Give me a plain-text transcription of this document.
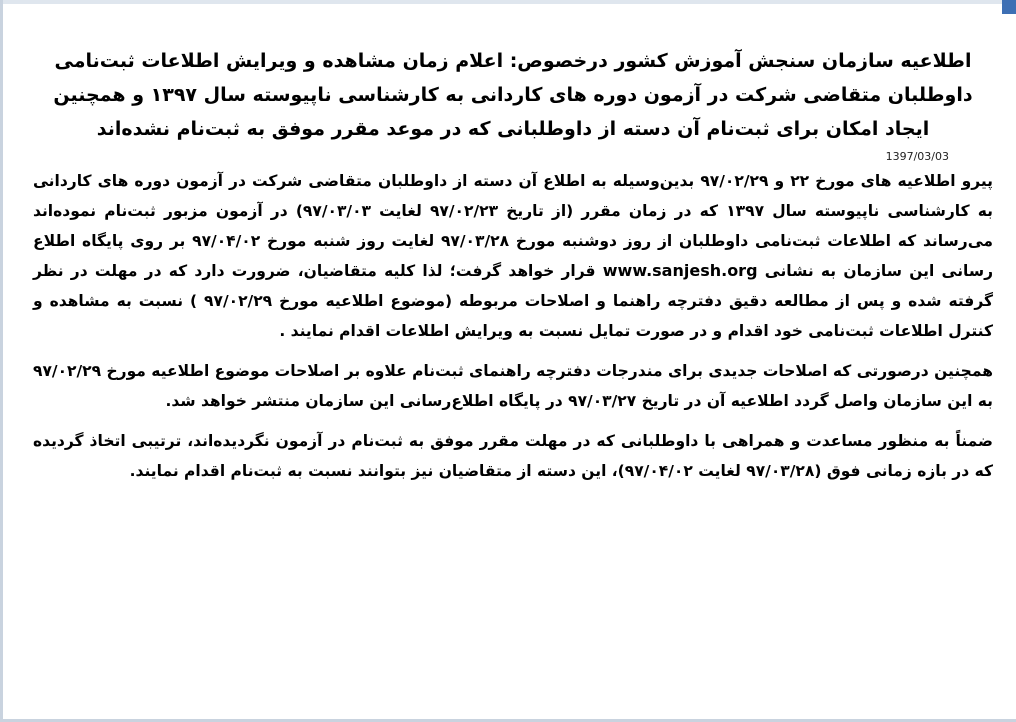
اطلاعیه سازمان سنجش آموزش کشور درخصوص: اعلام زمان مشاهده و ویرایش اطلاعات ثبت‌نامی داوطلبان متقاضی شرکت در آزمون دوره های کاردانی به کارشناسی ناپیوسته سال ۱۳۹۷ و همچنین ایجاد امکان برای ثبت‌نام آن دسته از داوطلبانی که در موعد مقرر موفق به ثبت‌نام نشده‌اند

1397/03/03

پیرو اطلاعیه های مورخ ۲۲ و ۹۷/۰۲/۲۹ بدین‌وسیله به اطلاع آن دسته از داوطلبان متقاضی شرکت در آزمون دوره های کاردانی به کارشناسی ناپیوسته سال ۱۳۹۷ که در زمان مقرر (از تاریخ ۹۷/۰۲/۲۳ لغایت ۹۷/۰۳/۰۳) در آزمون مزبور ثبت‌نام نموده‌اند می‌رساند که اطلاعات ثبت‌نامی داوطلبان از روز دوشنبه مورخ ۹۷/۰۳/۲۸ لغایت روز شنبه مورخ ۹۷/۰۴/۰۲ بر روی پایگاه اطلاع رسانی این سازمان به نشانی www.sanjesh.org قرار خواهد گرفت؛ لذا کلیه متقاضیان، ضرورت دارد که در مهلت در نظر گرفته شده و پس از مطالعه دقیق دفترچه راهنما و اصلاحات مربوطه (موضوع اطلاعیه مورخ ۹۷/۰۲/۲۹ ) نسبت به مشاهده و کنترل اطلاعات ثبت‌نامی خود اقدام و در صورت تمایل نسبت به ویرایش اطلاعات اقدام نمایند .

همچنین درصورتی که اصلاحات جدیدی برای مندرجات دفترچه راهنمای ثبت‌نام علاوه بر اصلاحات موضوع اطلاعیه مورخ ۹۷/۰۲/۲۹ به این سازمان واصل گردد اطلاعیه آن در تاریخ ۹۷/۰۳/۲۷ در پایگاه اطلاع‌رسانی این سازمان منتشر خواهد شد.

ضمناً به منظور مساعدت و همراهی با داوطلبانی که در مهلت مقرر موفق به ثبت‌نام در آزمون نگردیده‌اند، ترتیبی اتخاذ گردیده که در بازه زمانی فوق (۹۷/۰۳/۲۸ لغایت ۹۷/۰۴/۰۲)، این دسته از متقاضیان نیز بتوانند نسبت به ثبت‌نام اقدام نمایند.
